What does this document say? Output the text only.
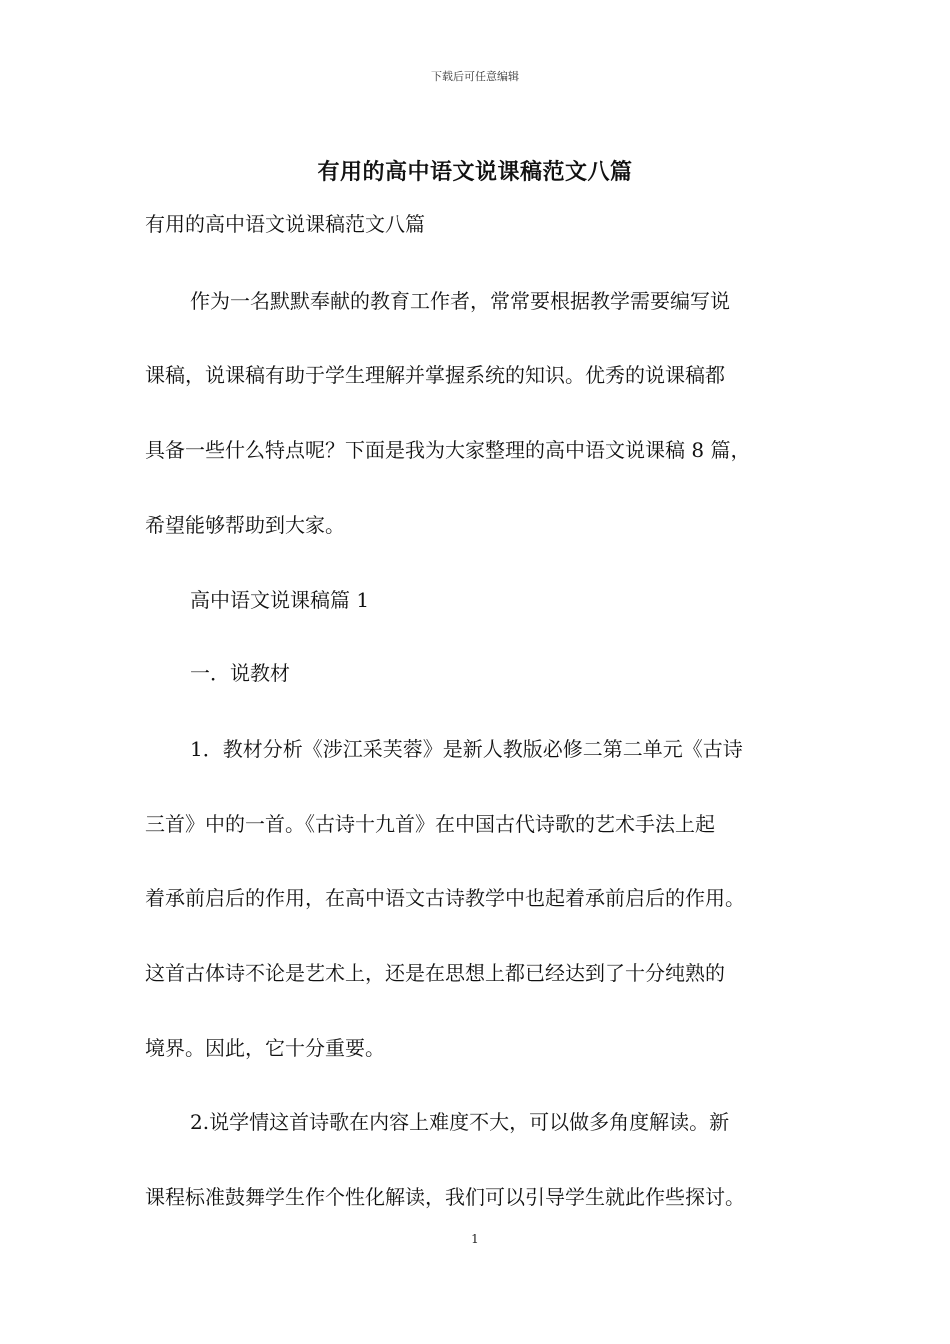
下载后可任意编辑
有用的高中语文说课稿范文八篇
有用的高中语文说课稿范文八篇
作为一名默默奉献的教育工作者，常常要根据教学需要编写说
课稿，说课稿有助于学生理解并掌握系统的知识。优秀的说课稿都
具备一些什么特点呢？下面是我为大家整理的高中语文说课稿 8 篇，
希望能够帮助到大家。
高中语文说课稿篇 1
一．说教材
1．教材分析《涉江采芙蓉》是新人教版必修二第二单元《古诗
三首》中的一首。《古诗十九首》在中国古代诗歌的艺术手法上起
着承前启后的作用，在高中语文古诗教学中也起着承前启后的作用。
这首古体诗不论是艺术上，还是在思想上都已经达到了十分纯熟的
境界。因此，它十分重要。
2.说学情这首诗歌在内容上难度不大，可以做多角度解读。新
课程标准鼓舞学生作个性化解读，我们可以引导学生就此作些探讨。
1
